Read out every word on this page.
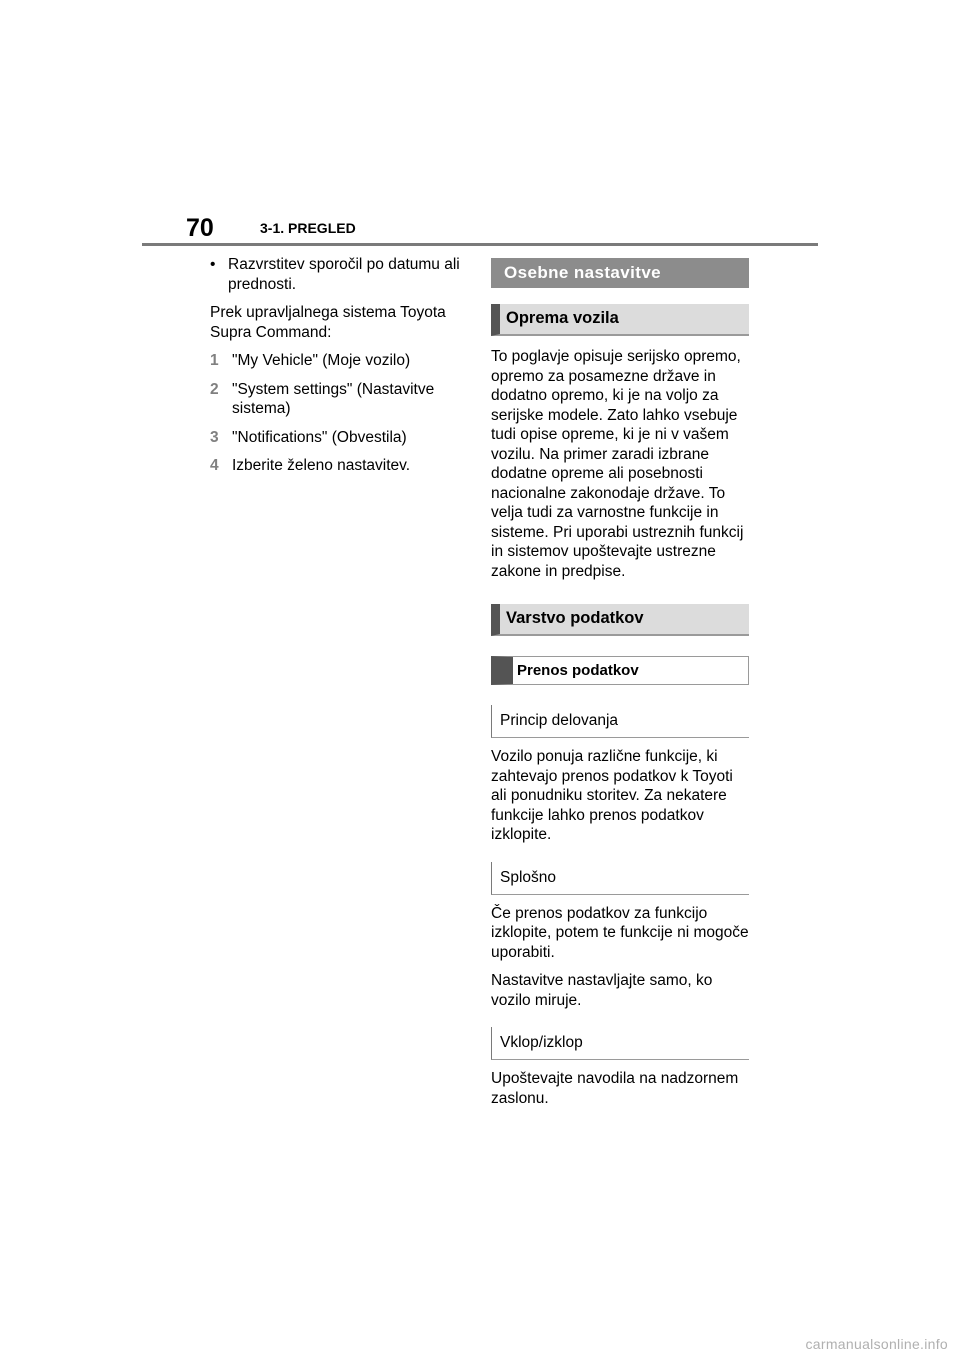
70	3-1. PREGLED
• Razvrstitev sporočil po datumu ali prednosti.

Prek upravljalnega sistema Toyota Supra Command:

1 "My Vehicle" (Moje vozilo)
2 "System settings" (Nastavitve sistema)
3 "Notifications" (Obvestila)
4 Izberite želeno nastavitev.
Osebne nastavitve
Oprema vozila

To poglavje opisuje serijsko opremo, opremo za posamezne države in dodatno opremo, ki je na voljo za serijske modele. Zato lahko vsebuje tudi opise opreme, ki je ni v vašem vozilu. Na primer zaradi izbrane dodatne opreme ali posebnosti nacionalne zakonodaje države. To velja tudi za varnostne funkcije in sisteme. Pri uporabi ustreznih funkcij in sistemov upoštevajte ustrezne zakone in predpise.

Varstvo podatkov
Prenos podatkov
Princip delovanja

Vozilo ponuja različne funkcije, ki zahtevajo prenos podatkov k Toyoti ali ponudniku storitev. Za nekatere funkcije lahko prenos podatkov izklopite.

Splošno

Če prenos podatkov za funkcijo izklopite, potem te funkcije ni mogoče uporabiti.

Nastavitve nastavljajte samo, ko vozilo miruje.

Vklop/izklop

Upoštevajte navodila na nadzornem zaslonu.

carmanualsonline.info
